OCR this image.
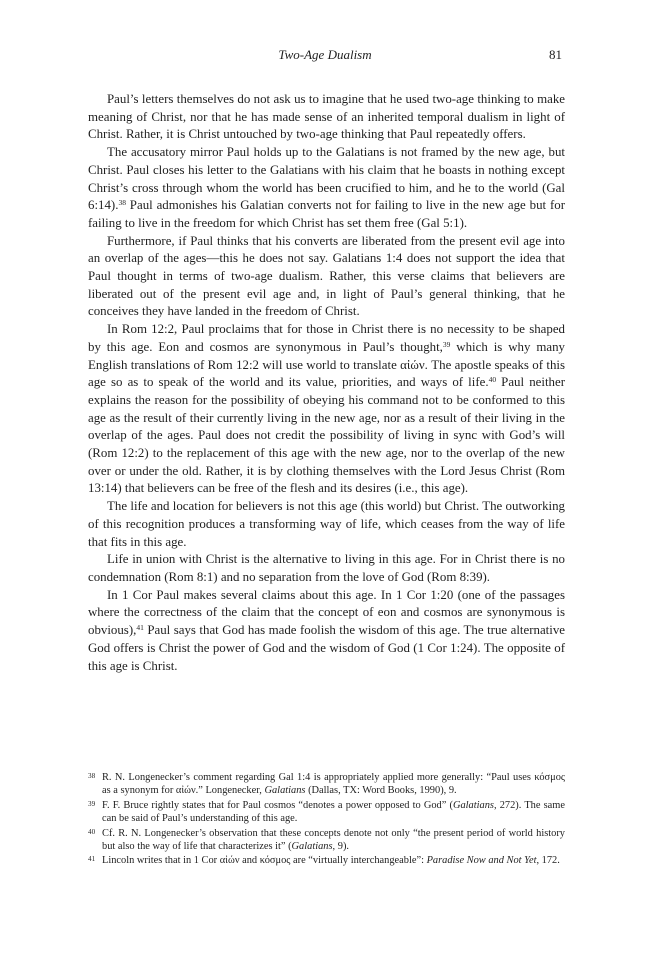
Two-Age Dualism	81

Paul’s letters themselves do not ask us to imagine that he used two-age thinking to make meaning of Christ, nor that he has made sense of an inherited temporal dualism in light of Christ. Rather, it is Christ untouched by two-age thinking that Paul repeatedly offers.

The accusatory mirror Paul holds up to the Galatians is not framed by the new age, but Christ. Paul closes his letter to the Galatians with his claim that he boasts in nothing except Christ’s cross through whom the world has been crucified to him, and he to the world (Gal 6:14).$^{38}$ Paul admonishes his Galatian converts not for failing to live in the new age but for failing to live in the freedom for which Christ has set them free (Gal 5:1).

Furthermore, if Paul thinks that his converts are liberated from the present evil age into an overlap of the ages—this he does not say. Galatians 1:4 does not support the idea that Paul thought in terms of two-age dualism. Rather, this verse claims that believers are liberated out of the present evil age and, in light of Paul’s general thinking, that he conceives they have landed in the freedom of Christ.

In Rom 12:2, Paul proclaims that for those in Christ there is no necessity to be shaped by this age. Eon and cosmos are synonymous in Paul’s thought,$^{39}$ which is why many English translations of Rom 12:2 will use world to translate αἰών. The apostle speaks of this age so as to speak of the world and its value, priorities, and ways of life.$^{40}$ Paul neither explains the reason for the possibility of obeying his command not to be conformed to this age as the result of their currently living in the new age, nor as a result of their living in the overlap of the ages. Paul does not credit the possibility of living in sync with God’s will (Rom 12:2) to the replacement of this age with the new age, nor to the overlap of the new over or under the old. Rather, it is by clothing themselves with the Lord Jesus Christ (Rom 13:14) that believers can be free of the flesh and its desires (i.e., this age).

The life and location for believers is not this age (this world) but Christ. The outworking of this recognition produces a transforming way of life, which ceases from the way of life that fits in this age.

Life in union with Christ is the alternative to living in this age. For in Christ there is no condemnation (Rom 8:1) and no separation from the love of God (Rom 8:39).

In 1 Cor Paul makes several claims about this age. In 1 Cor 1:20 (one of the passages where the correctness of the claim that the concept of eon and cosmos are synonymous is obvious),$^{41}$ Paul says that God has made foolish the wisdom of this age. The true alternative God offers is Christ the power of God and the wisdom of God (1 Cor 1:24). The opposite of this age is Christ.

38 R. N. Longenecker’s comment regarding Gal 1:4 is appropriately applied more generally: “Paul uses κόσμος as a synonym for αἰών.” Longenecker, Galatians (Dallas, TX: Word Books, 1990), 9.
39 F. F. Bruce rightly states that for Paul cosmos “denotes a power opposed to God” (Galatians, 272). The same can be said of Paul’s understanding of this age.
40 Cf. R. N. Longenecker’s observation that these concepts denote not only “the present period of world history but also the way of life that characterizes it” (Galatians, 9).
41 Lincoln writes that in 1 Cor αἰών and κόσμος are “virtually interchangeable”: Paradise Now and Not Yet, 172.
